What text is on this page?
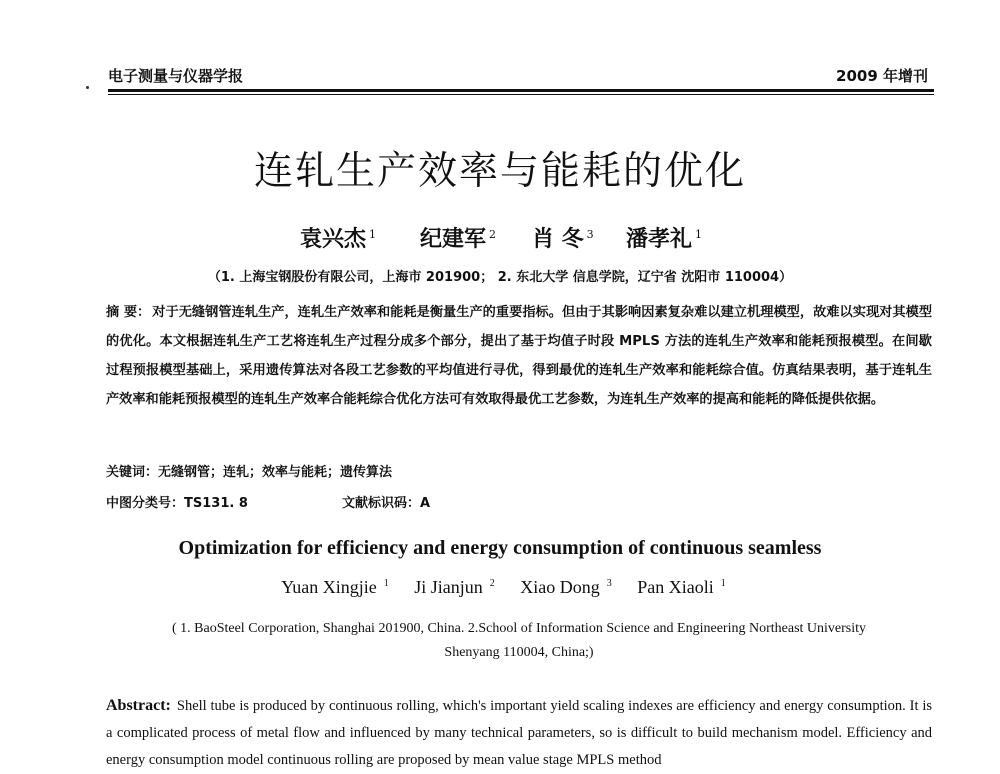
电子测量与仪器学报	2009 年增刊
连轧生产效率与能耗的优化
袁兴杰 $^1$ 纪建军 $^2$ 肖 冬 $^3$ 潘孝礼 $^1$
（1. 上海宝钢股份有限公司，上海市 201900； 2. 东北大学 信息学院，辽宁省 沈阳市 110004）
摘 要： 对于无缝钢管连轧生产，连轧生产效率和能耗是衡量生产的重要指标。但由于其影响因素复杂难以建立机理模型，故难以实现对其模型的优化。本文根据连轧生产工艺将连轧生产过程分成多个部分，提出了基于均值子时段 MPLS 方法的连轧生产效率和能耗预报模型。在间歇过程预报模型基础上，采用遗传算法对各段工艺参数的平均值进行寻优，得到最优的连轧生产效率和能耗综合值。仿真结果表明，基于连轧生产效率和能耗预报模型的连轧生产效率合能耗综合优化方法可有效取得最优工艺参数，为连轧生产效率的提高和能耗的降低提供依据。
关键词：无缝钢管；连轧；效率与能耗；遗传算法
中图分类号：TS131. 8	文献标识码：A
Optimization for efficiency and energy consumption of continuous seamless
Yuan Xingjie $^1$ Ji Jianjun $^2$ Xiao Dong $^3$ Pan Xiaoli $^1$
( 1. BaoSteel Corporation, Shanghai 201900, China. 2.School of Information Science and Engineering Northeast University
Shenyang 110004, China;)
Abstract: Shell tube is produced by continuous rolling, which's important yield scaling indexes are efficiency and energy consumption. It is a complicated process of metal flow and influenced by many technical parameters, so is difficult to build mechanism model. Efficiency and energy consumption model continuous rolling are proposed by mean value stage MPLS method
